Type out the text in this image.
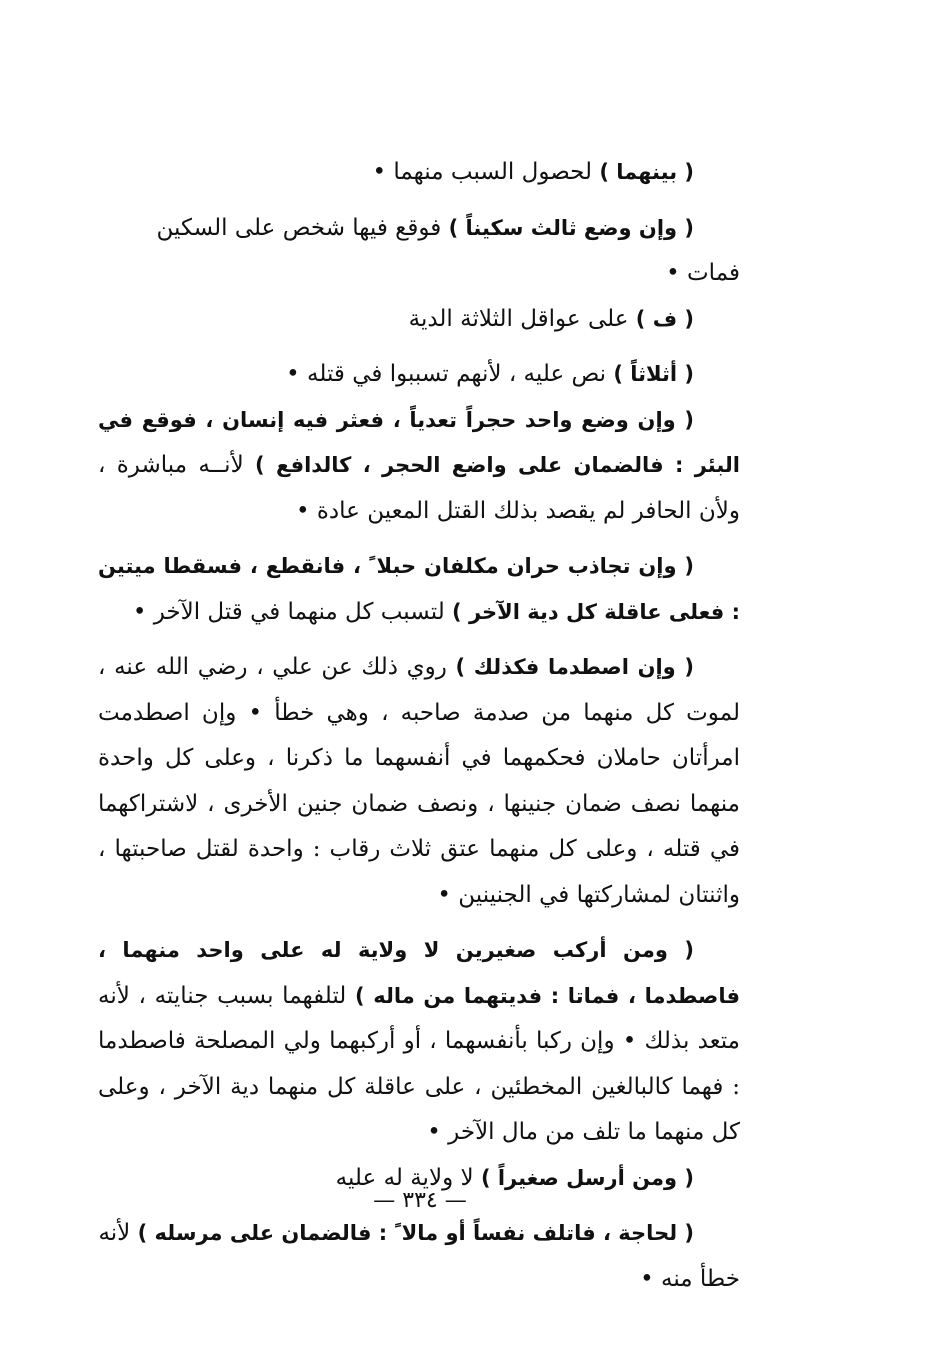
( بينهما ) لحصول السبب منهما •

( وإن وضع ثالث سكيناً ) فوقع فيها شخص على السكين فمات •

( ف ) على عواقل الثلاثة الدية

( أثلاثاً ) نص عليه ، لأنهم تسببوا في قتله •

( وإن وضع واحد حجراً تعدياً ، فعثر فيه إنسان ، فوقع في البئر : فالضمان على واضع الحجر ، كالدافع ) لأنــه مباشرة ، ولأن الحافر لم يقصد بذلك القتل المعين عادة •

( وإن تجاذب حران مكلفان حبلا ً ، فانقطع ، فسقطا ميتين : فعلى عاقلة كل دية الآخر ) لتسبب كل منهما في قتل الآخر •

( وإن اصطدما فكذلك ) روي ذلك عن علي ، رضي الله عنه ، لموت كل منهما من صدمة صاحبه ، وهي خطأ • وإن اصطدمت امرأتان حاملان فحكمهما في أنفسهما ما ذكرنا ، وعلى كل واحدة منهما نصف ضمان جنينها ، ونصف ضمان جنين الأخرى ، لاشتراكهما في قتله ، وعلى كل منهما عتق ثلاث رقاب : واحدة لقتل صاحبتها ، واثنتان لمشاركتها في الجنينين •

( ومن أركب صغيرين لا ولاية له على واحد منهما ، فاصطدما ، فماتا : فديتهما من ماله ) لتلفهما بسبب جنايته ، لأنه متعد بذلك • وإن ركبا بأنفسهما ، أو أركبهما ولي المصلحة فاصطدما : فهما كالبالغين المخطئين ، على عاقلة كل منهما دية الآخر ، وعلى كل منهما ما تلف من مال الآخر •

( ومن أرسل صغيراً ) لا ولاية له عليه

( لحاجة ، فاتلف نفساً أو مالا ً : فالضمان على مرسله ) لأنه خطأ منه •

— ٣٣٤ —
